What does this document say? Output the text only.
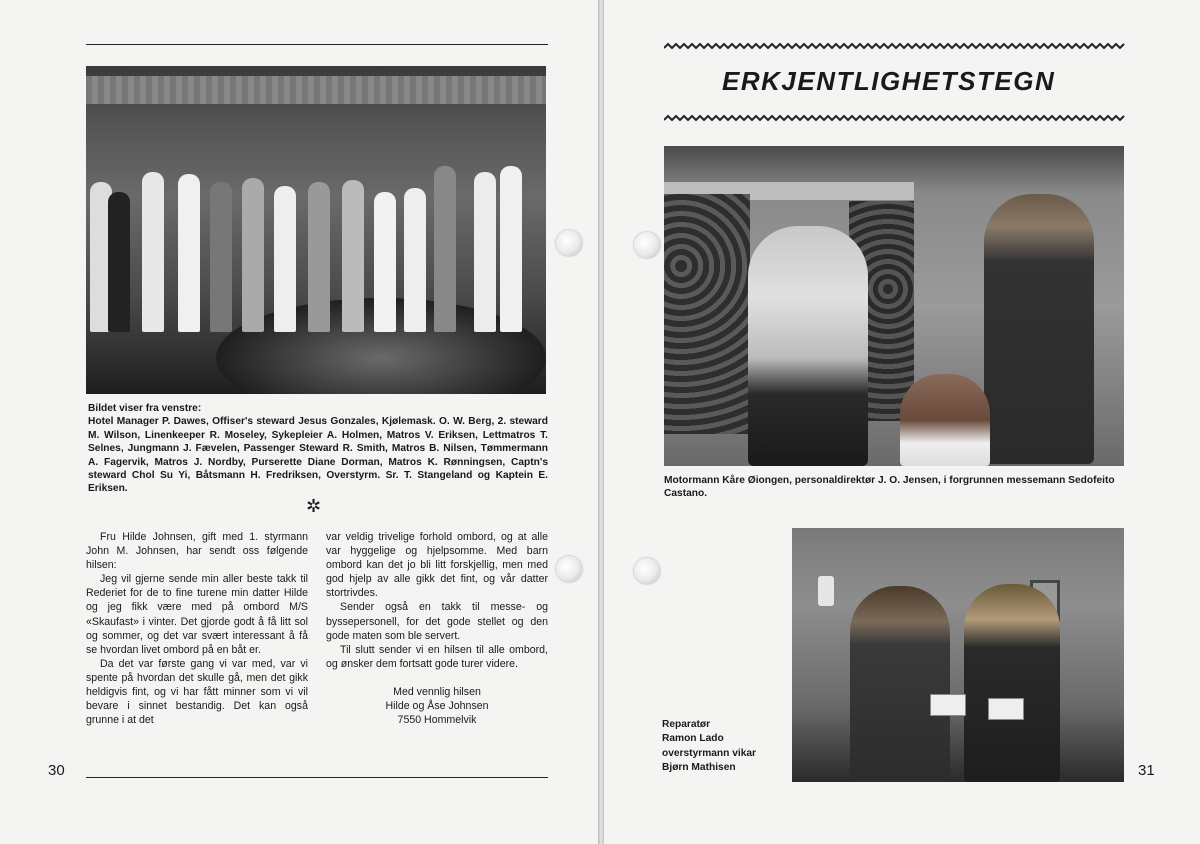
Bildet viser fra venstre:
Hotel Manager P. Dawes, Offiser's steward Jesus Gonzales, Kjølemask. O. W. Berg, 2. steward M. Wilson, Linenkeeper R. Moseley, Sykepleier A. Holmen, Matros V. Eriksen, Lettmatros T. Selnes, Jungmann J. Fævelen, Passenger Steward R. Smith, Matros B. Nilsen, Tømmermann A. Fagervik, Matros J. Nordby, Purserette Diane Dorman, Matros K. Rønningsen, Captn's steward Chol Su Yi, Båtsmann H. Fredriksen, Overstyrm. Sr. T. Stangeland og Kaptein E. Eriksen.
✲

Fru Hilde Johnsen, gift med 1. styrmann John M. Johnsen, har sendt oss følgende hilsen:

Jeg vil gjerne sende min aller beste takk til Rederiet for de to fine turene min datter Hilde og jeg fikk være med på ombord M/S «Skaufast» i vinter. Det gjorde godt å få litt sol og sommer, og det var svært interessant å få se hvordan livet ombord på en båt er.

Da det var første gang vi var med, var vi spente på hvordan det skulle gå, men det gikk heldigvis fint, og vi har fått minner som vi vil bevare i sinnet bestandig. Det kan også grunne i at det

var veldig trivelige forhold ombord, og at alle var hyggelige og hjelpsomme. Med barn ombord kan det jo bli litt forskjellig, men med god hjelp av alle gikk det fint, og vår datter stortrivdes.

Sender også en takk til messe- og byssepersonell, for det gode stellet og den gode maten som ble servert.

Til slutt sender vi en hilsen til alle ombord, og ønsker dem fortsatt gode turer videre.

Med vennlig hilsen
Hilde og Åse Johnsen
7550 Hommelvik
30
ERKJENTLIGHETSTEGN
Motormann Kåre Øiongen, personaldirektør J. O. Jensen, i forgrunnen messemann Sedofeito Castano.
Reparatør
Ramon Lado
overstyrmann vikar
Bjørn Mathisen	31
